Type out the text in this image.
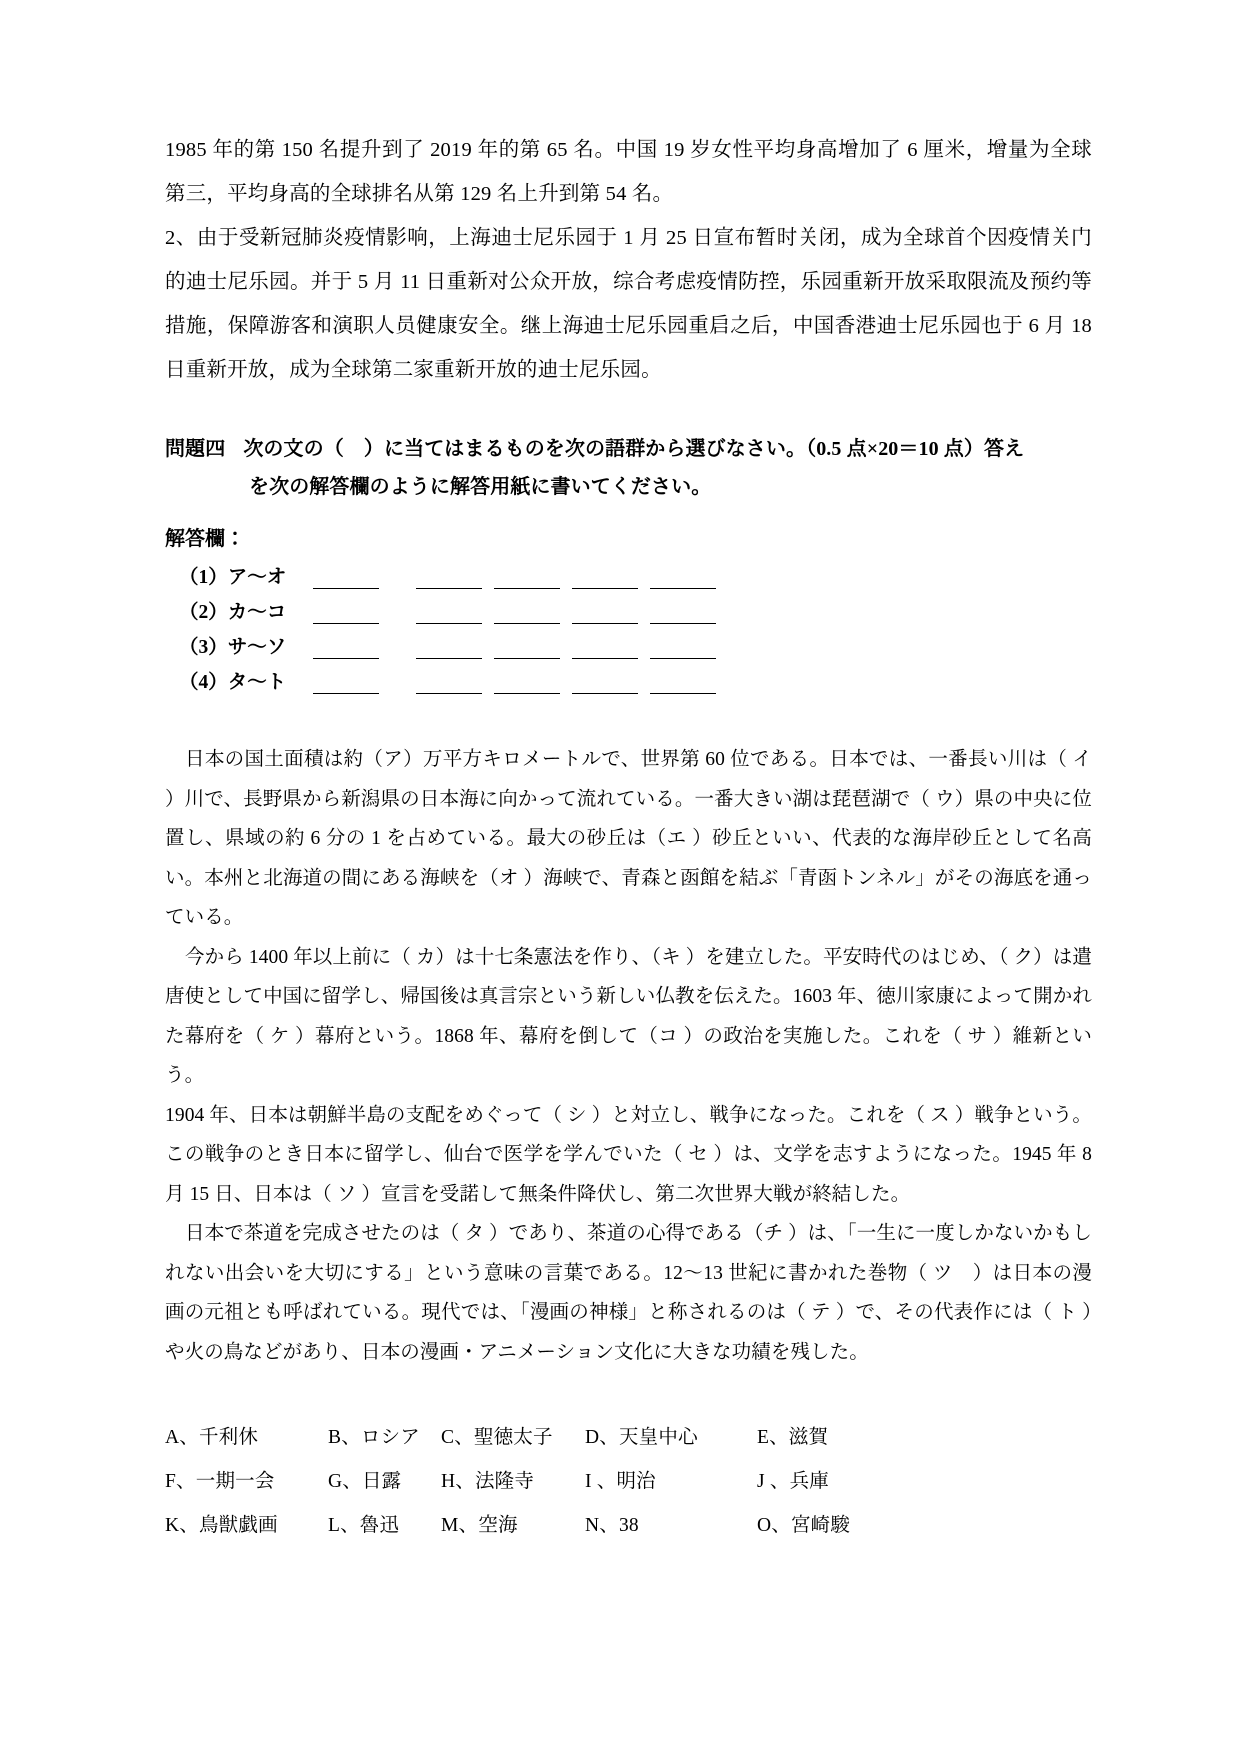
1985 年的第 150 名提升到了 2019 年的第 65 名。中国 19 岁女性平均身高增加了 6 厘米，增量为全球第三，平均身高的全球排名从第 129 名上升到第 54 名。

2、由于受新冠肺炎疫情影响，上海迪士尼乐园于 1 月 25 日宣布暂时关闭，成为全球首个因疫情关门的迪士尼乐园。并于 5 月 11 日重新对公众开放，综合考虑疫情防控，乐园重新开放采取限流及预约等措施，保障游客和演职人员健康安全。继上海迪士尼乐园重启之后，中国香港迪士尼乐园也于 6 月 18 日重新开放，成为全球第二家重新开放的迪士尼乐园。

問題四 次の文の（　）に当てはまるものを次の語群から選びなさい。（0.5 点×20＝10 点）答え
を次の解答欄のように解答用紙に書いてください。
解答欄：
（1）ア～オ
（2）カ～コ
（3）サ～ソ
（4）タ～ト

日本の国土面積は約（ア）万平方キロメートルで、世界第 60 位である。日本では、一番長い川は（ イ ）川で、長野県から新潟県の日本海に向かって流れている。一番大きい湖は琵琶湖で（ ウ）県の中央に位置し、県域の約 6 分の 1 を占めている。最大の砂丘は（エ ）砂丘といい、代表的な海岸砂丘として名高い。本州と北海道の間にある海峡を（オ ）海峡で、青森と函館を結ぶ「青函トンネル」がその海底を通っている。

今から 1400 年以上前に（ カ）は十七条憲法を作り、（キ ）を建立した。平安時代のはじめ、（ ク）は遣唐使として中国に留学し、帰国後は真言宗という新しい仏教を伝えた。1603 年、徳川家康によって開かれた幕府を（ ケ ）幕府という。1868 年、幕府を倒して（コ ）の政治を実施した。これを（ サ ）維新という。

1904 年、日本は朝鮮半島の支配をめぐって（ シ ）と対立し、戦争になった。これを（ ス ）戦争という。この戦争のとき日本に留学し、仙台で医学を学んでいた（ セ ）は、文学を志すようになった。1945 年 8 月 15 日、日本は（ ソ ）宣言を受諾して無条件降伏し、第二次世界大戦が終結した。

日本で茶道を完成させたのは（ タ ）であり、茶道の心得である（チ ）は、「一生に一度しかないかもしれない出会いを大切にする」という意味の言葉である。12～13 世紀に書かれた巻物（ ツ　）は日本の漫画の元祖とも呼ばれている。現代では、「漫画の神様」と称されるのは（ テ ）で、その代表作には（ ト ）や火の鳥などがあり、日本の漫画・アニメーション文化に大きな功績を残した。

A、千利休	B、ロシア	C、聖徳太子	D、天皇中心	E、滋賀
F、一期一会	G、日露	H、法隆寺	I 、明治	J 、兵庫
K、鳥獣戯画	L、魯迅	M、空海	N、38	O、宮崎駿
